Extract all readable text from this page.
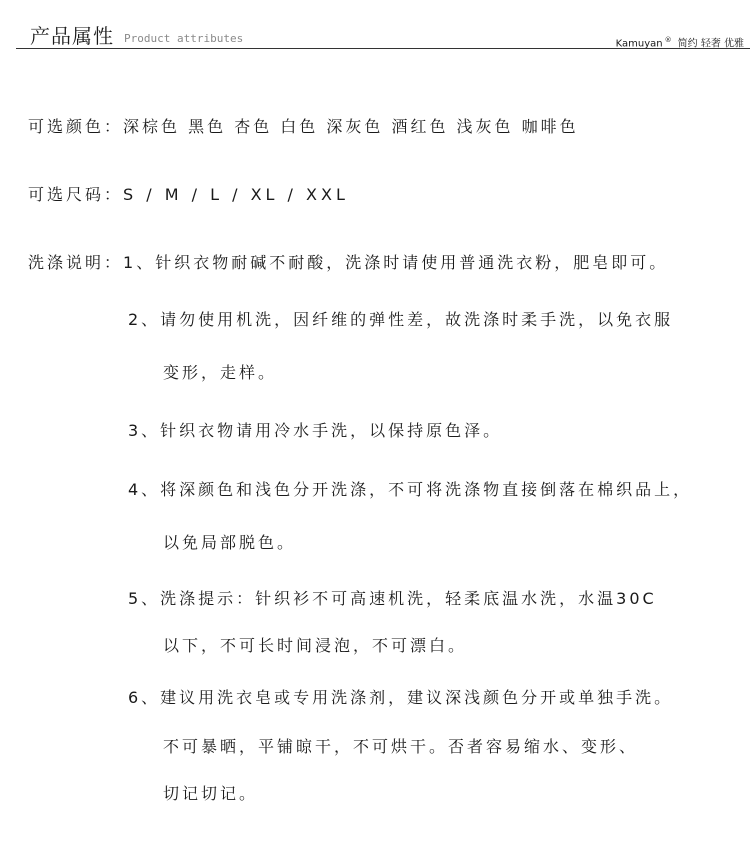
产品属性 Product attributes	Kamuyan ® 简约 轻奢 优雅
可选颜色：深棕色 黑色 杏色 白色 深灰色 酒红色 浅灰色 咖啡色
可选尺码：S / M / L / XL / XXL
洗涤说明：1、针织衣物耐碱不耐酸，洗涤时请使用普通洗衣粉，肥皂即可。
2、请勿使用机洗，因纤维的弹性差，故洗涤时柔手洗，以免衣服
变形，走样。
3、针织衣物请用冷水手洗，以保持原色泽。
4、将深颜色和浅色分开洗涤，不可将洗涤物直接倒落在棉织品上，
以免局部脱色。
5、洗涤提示：针织衫不可高速机洗，轻柔底温水洗，水温30C
以下，不可长时间浸泡，不可漂白。
6、建议用洗衣皂或专用洗涤剂，建议深浅颜色分开或单独手洗。
不可暴晒，平铺晾干，不可烘干。否者容易缩水、变形、
切记切记。
